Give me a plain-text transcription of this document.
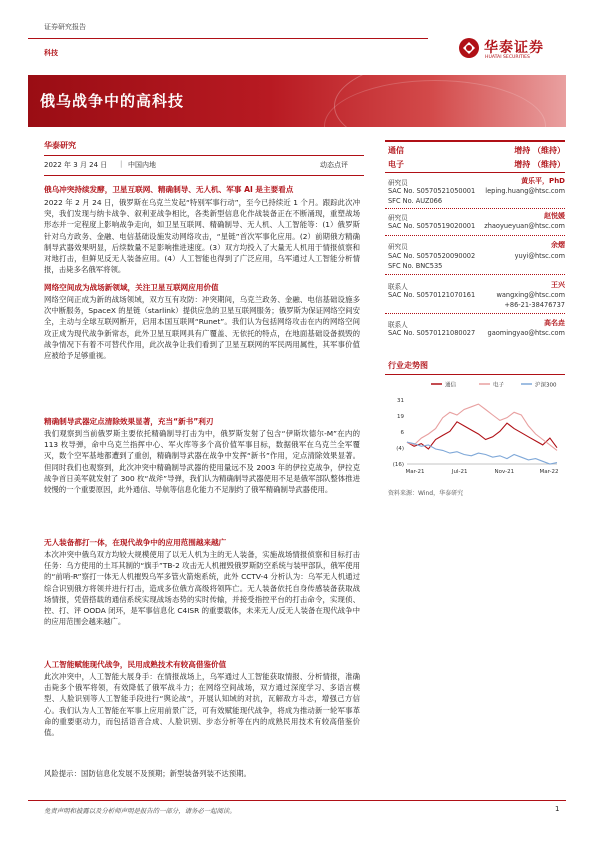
证券研究报告
科技	华泰证券
HUATAI SECURITIES
俄乌战争中的高科技
华泰研究
2022 年 3 月 24 日 | 中国内地	动态点评
俄乌冲突持续发酵，卫星互联网、精确制导、无人机、军事 AI 是主要看点
2022 年 2 月 24 日，俄罗斯在乌克兰发起“特别军事行动”，至今已持续近 1 个月。跟踪此次冲突，我们发现与纳卡战争、叙利亚战争相比，各类新型信息化作战装备正在不断涌现，重塑战场形态并一定程度上影响战争走向，如卫星互联网、精确制导、无人机、人工智能等：(1）俄罗斯针对乌方政务、金融、电信基础设施发动网络攻击，“星链”首次军事化应用。(2）前期俄方精确制导武器效果明显，后续数量不足影响推进速度。(3）双方均投入了大量无人机用于情报侦察和对地打击，但鲜见反无人装备应用。(4）人工智能也得到了广泛应用，乌军通过人工智能分析情报，击毙多名俄军将领。
网络空间成为战场新领域，关注卫星互联网应用价值
网络空间正成为新的战场领域，双方互有攻防：冲突期间，乌克兰政务、金融、电信基础设施多次中断服务，SpaceX 的星链（starlink）提供应急的卫星互联网服务；俄罗斯为保证网络空间安全，主动与全球互联网断开，启用本国互联网“Runet”。我们认为包括网络攻击在内的网络空间攻正成为现代战争新常态，此外卫星互联网具有广覆盖、无依托的特点，在地面基础设备损毁的战争情况下有着不可替代作用，此次战争让我们看到了卫星互联网的军民两用属性，其军事价值应被给予足够重视。
精确制导武器定点清除效果显著，充当“新书”利刃
我们观察到当前俄罗斯主要依托精确制导打击为中，俄罗斯发射了包含“伊斯坎德尔-M”在内的 113 枚导弹，命中乌克兰指挥中心、军火库等多个高价值军事目标，数据俄军在乌克兰全军覆灭，数个空军基地都遭到了重创，精确制导武器在战争中发挥“新书”作用，定点清除效果显著。但同时我们也观察到，此次冲突中精确制导武器的使用量远不及 2003 年的伊拉克战争，伊拉克战争首日美军就发射了 300 枚“战斧”导弹，我们认为精确制导武器使用不足是俄军部队整体推进较慢的一个重要原因，此外通信、导航等信息化能力不足制约了俄军精确制导武器使用。
无人装备都打一体，在现代战争中的应用范围越来越广
本次冲突中俄乌双方均较大规模使用了以无人机为主的无人装备，实施战场情报侦察和目标打击任务：乌方使用的土耳其制的“旗手”TB-2 攻击无人机摧毁俄罗斯防空系统与装甲部队，俄军使用的“前哨-R”察打一体无人机摧毁乌军多管火箭炮系统，此外 CCTV-4 分析认为：乌军无人机通过综合识别俄方将领并进行打击，造成多位俄方高级将领阵亡。无人装备依托自身传感装备获取战场情报，凭借搭载的通信系统实现战场态势的实时传输，并接受指控平台的打击命令，实现侦、控、打、评 OODA 闭环，是军事信息化 C4ISR 的重要载体，未来无人/反无人装备在现代战争中的应用范围会越来越广。
人工智能赋能现代战争，民用成熟技术有较高借鉴价值
此次冲突中，人工智能大展身手：在情报战场上，乌军通过人工智能获取情报、分析情报，准确击毙多个俄军将领，有效降低了俄军战斗力；在网络空间战场，双方通过深度学习、多语言模型、人脸识别等人工智能手段进行“舆论战”，开展认知域的对抗，瓦解敌方斗志，增强己方信心。我们认为人工智能在军事上应用前景广泛，可有效赋能现代战争，将成为推动新一轮军事革命的重要驱动力，而包括语音合成、人脸识别、步态分析等在内的成熟民用技术有较高借鉴价值。
风险提示：国防信息化发展不及预期；新型装备列装不达预期。
免责声明和披露以及分析师声明是报告的一部分，请务必一起阅读。	1
通信	增持 （维持）
电子	增持 （维持）
研究员	黄乐平，PhD
SAC No. S0570521050001 leping.huang@htsc.com
SFC No. AUZ066
研究员	赵悦媛
SAC No. S0570519020001 zhaoyueyuan@htsc.com
研究员	余熠
SAC No. S0570520090002	yuyi@htsc.com
SFC No. BNC535
联系人	王兴
SAC No. S0570121070161	wangxing@htsc.com
+86-21-38476737
联系人	高名垚
SAC No. S0570121080027 gaomingyao@htsc.com
行业走势图
通信	电子	沪深300
31
19
6
(4)
(16)
Mar-21	Jul-21	Nov-21	Mar-22
资料来源：Wind，华泰研究
